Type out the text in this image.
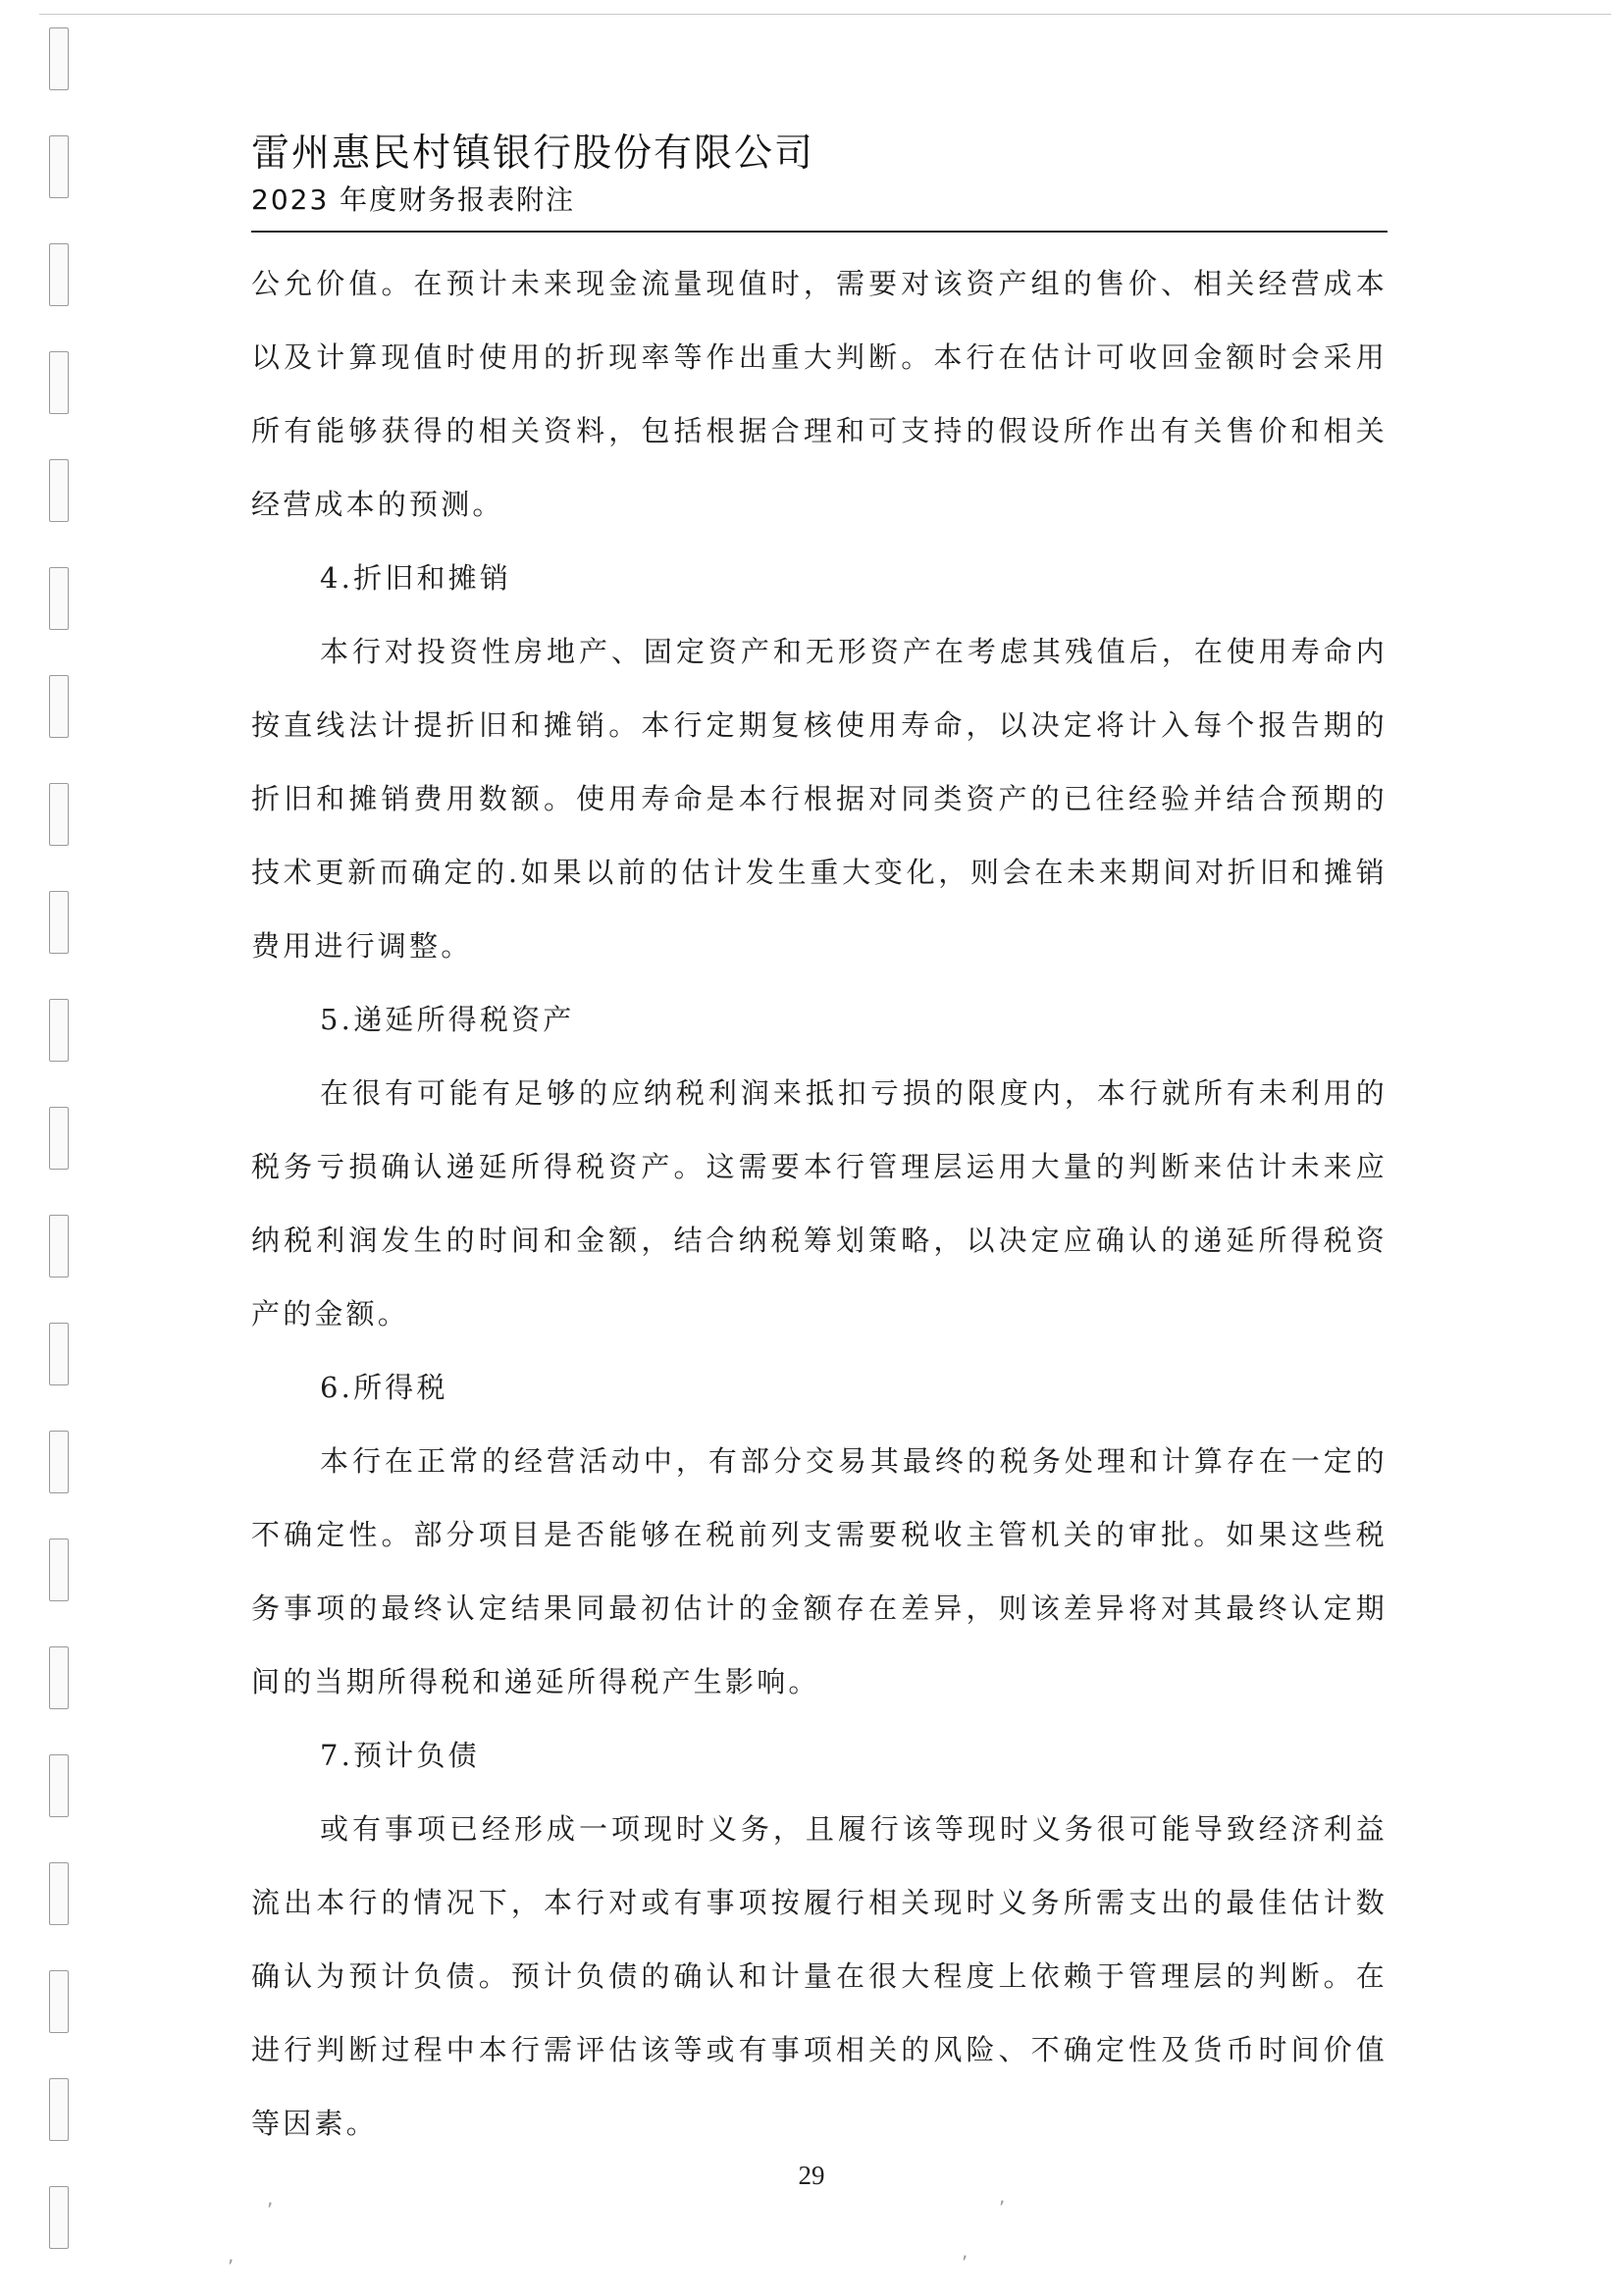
雷州惠民村镇银行股份有限公司
2023 年度财务报表附注

公允价值。在预计未来现金流量现值时，需要对该资产组的售价、相关经营成本以及计算现值时使用的折现率等作出重大判断。本行在估计可收回金额时会采用所有能够获得的相关资料，包括根据合理和可支持的假设所作出有关售价和相关经营成本的预测。

4.折旧和摊销

本行对投资性房地产、固定资产和无形资产在考虑其残值后，在使用寿命内按直线法计提折旧和摊销。本行定期复核使用寿命，以决定将计入每个报告期的折旧和摊销费用数额。使用寿命是本行根据对同类资产的已往经验并结合预期的技术更新而确定的.如果以前的估计发生重大变化，则会在未来期间对折旧和摊销费用进行调整。

5.递延所得税资产

在很有可能有足够的应纳税利润来抵扣亏损的限度内，本行就所有未利用的税务亏损确认递延所得税资产。这需要本行管理层运用大量的判断来估计未来应纳税利润发生的时间和金额，结合纳税筹划策略，以决定应确认的递延所得税资产的金额。

6.所得税

本行在正常的经营活动中，有部分交易其最终的税务处理和计算存在一定的不确定性。部分项目是否能够在税前列支需要税收主管机关的审批。如果这些税务事项的最终认定结果同最初估计的金额存在差异，则该差异将对其最终认定期间的当期所得税和递延所得税产生影响。

7.预计负债

或有事项已经形成一项现时义务，且履行该等现时义务很可能导致经济利益流出本行的情况下，本行对或有事项按履行相关现时义务所需支出的最佳估计数确认为预计负债。预计负债的确认和计量在很大程度上依赖于管理层的判断。在进行判断过程中本行需评估该等或有事项相关的风险、不确定性及货币时间价值等因素。

29
,	,
,	,
